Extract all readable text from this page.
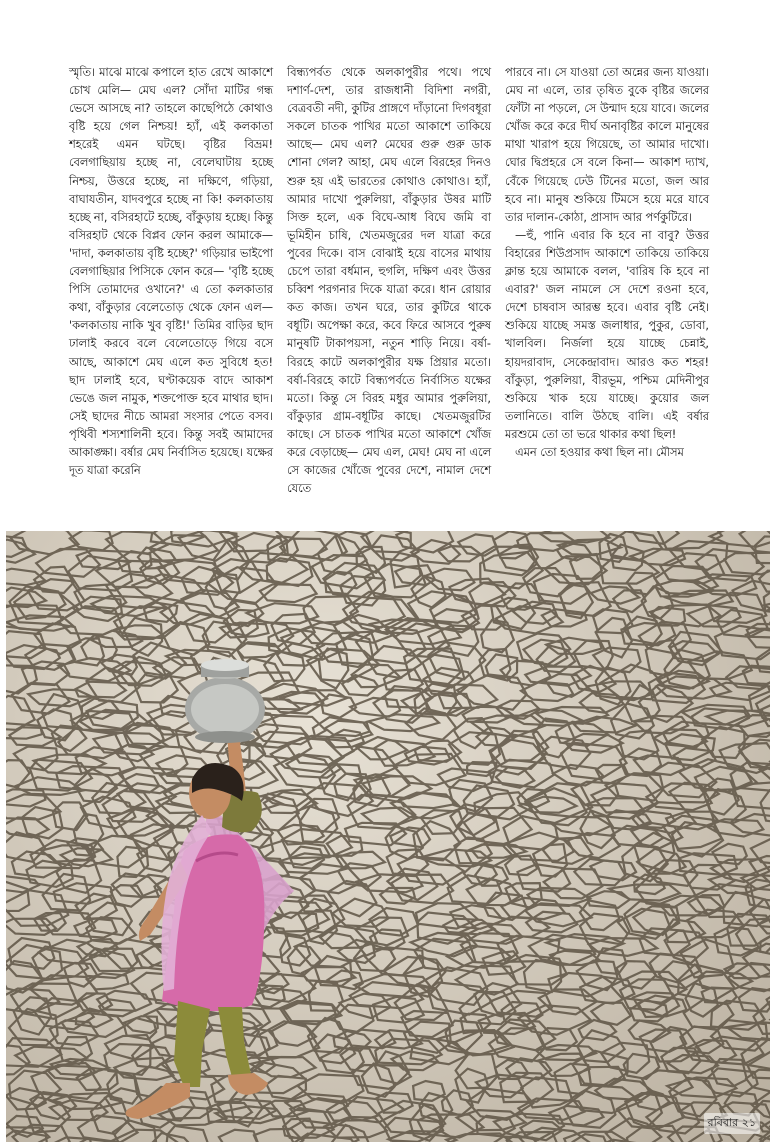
স্মৃতি। মাঝে মাঝে কপালে হাত রেখে আকাশে চোখ মেলি— মেঘ এল? সোঁদা মাটির গন্ধ ভেসে আসছে না? তাহলে কাছেপিঠে কোথাও বৃষ্টি হয়ে গেল নিশ্চয়! হ্যাঁ, এই কলকাতা শহরেই এমন ঘটছে। বৃষ্টির বিভ্রম! বেলগাছিয়ায় হচ্ছে না, বেলেঘাটায় হচ্ছে নিশ্চয়, উত্তরে হচ্ছে, না দক্ষিণে, গড়িয়া, বাঘাযতীন, যাদবপুরে হচ্ছে না কি! কলকাতায় হচ্ছে না, বসিরহাটে হচ্ছে, বাঁকুড়ায় হচ্ছে। কিন্তু বসিরহাট থেকে বিপ্লব ফোন করল আমাকে— 'দাদা, কলকাতায় বৃষ্টি হচ্ছে?' গড়িয়ার ভাইপো বেলগাছিয়ার পিসিকে ফোন করে— 'বৃষ্টি হচ্ছে পিসি তোমাদের ওখানে?' এ তো কলকাতার কথা, বাঁকুড়ার বেলেতোড় থেকে ফোন এল— 'কলকাতায় নাকি খুব বৃষ্টি!' তিমির বাড়ির ছাদ ঢালাই করবে বলে বেলেতোড়ে গিয়ে বসে আছে, আকাশে মেঘ এলে কত সুবিধে হত! ছাদ ঢালাই হবে, ঘণ্টাকয়েক বাদে আকাশ ভেঙে জল নামুক, শক্তপোক্ত হবে মাথার ছাদ। সেই ছাদের নীচে আমরা সংসার পেতে বসব। পৃথিবী শস্যশালিনী হবে। কিন্তু সবই আমাদের আকাঙ্ক্ষা। বর্ষার মেঘ নির্বাসিত হয়েছে। যক্ষের দূত যাত্রা করেনি

বিন্ধ্যপর্বত থেকে অলকাপুরীর পথে। পথে দশার্ণ-দেশ, তার রাজধানী বিদিশা নগরী, বেত্রবতী নদী, কুটির প্রাঙ্গণে দাঁড়ানো দিগবধূরা সকলে চাতক পাখির মতো আকাশে তাকিয়ে আছে— মেঘ এল? মেঘের গুরু গুরু ডাক শোনা গেল? আহা, মেঘ এলে বিরহের দিনও শুরু হয় এই ভারতের কোথাও কোথাও। হ্যাঁ, আমার দাখো পুরুলিয়া, বাঁকুড়ার উষর মাটি সিক্ত হলে, এক বিঘে-আধ বিঘে জমি বা ভূমিহীন চাষি, খেতমজুরের দল যাত্রা করে পুবের দিকে। বাস বোঝাই হয়ে বাসের মাথায় চেপে তারা বর্ধমান, হুগলি, দক্ষিণ এবং উত্তর চব্বিশ পরগনার দিকে যাত্রা করে। ধান রোয়ার কত কাজ। তখন ঘরে, তার কুটিরে থাকে বধূটি। অপেক্ষা করে, কবে ফিরে আসবে পুরুষ মানুষটি টাকাপয়সা, নতুন শাড়ি নিয়ে। বর্ষা-বিরহে কাটে অলকাপুরীর যক্ষ প্রিয়ার মতো। বর্ষা-বিরহে কাটে বিন্ধ্যপর্বতে নির্বাসিত যক্ষের মতো। কিন্তু সে বিরহ মধুর আমার পুরুলিয়া, বাঁকুড়ার গ্রাম-বধূটির কাছে। খেতমজুরটির কাছে। সে চাতক পাখির মতো আকাশে খোঁজ করে বেড়াচ্ছে— মেঘ এল, মেঘ! মেঘ না এলে সে কাজের খোঁজে পুবের দেশে, নামাল দেশে যেতে

পারবে না। সে যাওয়া তো অন্নের জন্য যাওয়া। মেঘ না এলে, তার তৃষিত বুকে বৃষ্টির জলের ফোঁটা না পড়লে, সে উন্মাদ হয়ে যাবে। জলের খোঁজ করে করে দীর্ঘ অনাবৃষ্টির কালে মানুষের মাথা খারাপ হয়ে গিয়েছে, তা আমার দাখো। ঘোর দ্বিপ্রহরে সে বলে কিনা— আকাশ দ্যাখ, বেঁকে গিয়েছে ঢেউ টিনের মতো, জল আর হবে না। মানুষ শুকিয়ে টিমসে হয়ে মরে যাবে তার দালান-কোঠা, প্রাসাদ আর পর্ণকুটিরে।

—হুঁ, পানি এবার কি হবে না বাবু? উত্তর বিহারের শিউপ্রসাদ আকাশে তাকিয়ে তাকিয়ে ক্লান্ত হয়ে আমাকে বলল, 'বারিষ কি হবে না এবার?' জল নামলে সে দেশে রওনা হবে, দেশে চাষবাস আরম্ভ হবে। এবার বৃষ্টি নেই। শুকিয়ে যাচ্ছে সমস্ত জলাধার, পুকুর, ডোবা, খালবিল। নির্জলা হয়ে যাচ্ছে চেন্নাই, হায়দরাবাদ, সেকেন্দ্রাবাদ। আরও কত শহর! বাঁকুড়া, পুরুলিয়া, বীরভূম, পশ্চিম মেদিনীপুর শুকিয়ে খাক হয়ে যাচ্ছে। কুয়োর জল তলানিতে। বালি উঠছে বালি। এই বর্ষার মরশুমে তো তা ভরে থাকার কথা ছিল!

এমন তো হওয়ার কথা ছিল না। মৌসম

রবিবার ২১
